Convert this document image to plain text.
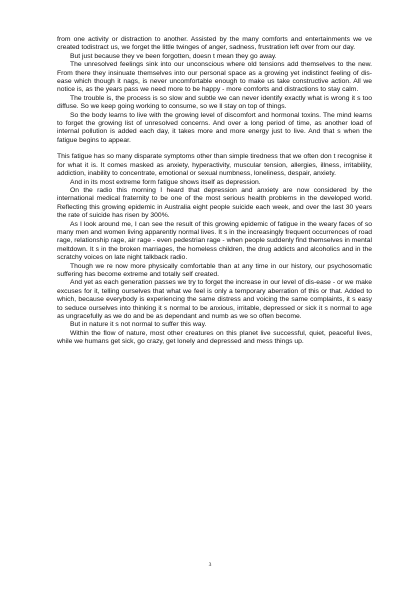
from one activity or distraction to another. Assisted by the many comforts and entertainments we ve created todistract us, we forget the little twinges of anger, sadness, frustration left over from our day.

But just because they ve been forgotten, doesn t mean they go away.

The unresolved feelings sink into our unconscious where old tensions add themselves to the new. From there they insinuate themselves into our personal space as a growing yet indistinct feeling of dis-ease which though it nags, is never uncomfortable enough to make us take constructive action. All we notice is, as the years pass we need more to be happy - more comforts and distractions to stay calm.

The trouble is, the process is so slow and subtle we can never identify exactly what is wrong it s too diffuse. So we keep going working to consume, so we ll stay on top of things.

So the body learns to live with the growing level of discomfort and hormonal toxins. The mind learns to forget the growing list of unresolved concerns. And over a long period of time, as another load of internal pollution is added each day, it takes more and more energy just to live. And that s when the fatigue begins to appear.

This fatigue has so many disparate symptoms other than simple tiredness that we often don t recognise it for what it is. It comes masked as anxiety, hyperactivity, muscular tension, allergies, illness, irritability, addiction, inability to concentrate, emotional or sexual numbness, loneliness, despair, anxiety.

And in its most extreme form fatigue shows itself as depression.

On the radio this morning I heard that depression and anxiety are now considered by the international medical fraternity to be one of the most serious health problems in the developed world. Reflecting this growing epidemic in Australia eight people suicide each week, and over the last 30 years the rate of suicide has risen by 300%.

As I look around me, I can see the result of this growing epidemic of fatigue in the weary faces of so many men and women living apparently normal lives. It s in the increasingly frequent occurrences of road rage, relationship rage, air rage - even pedestrian rage - when people suddenly find themselves in mental meltdown. It s in the broken marriages, the homeless children, the drug addicts and alcoholics and in the scratchy voices on late night talkback radio.

Though we re now more physically comfortable than at any time in our history, our psychosomatic suffering has become extreme and totally self created.

And yet as each generation passes we try to forget the increase in our level of dis-ease - or we make excuses for it, telling ourselves that what we feel is only a temporary aberration of this or that. Added to which, because everybody is experiencing the same distress and voicing the same complaints, it s easy to seduce ourselves into thinking it s normal to be anxious, irritable, depressed or sick it s normal to age as ungracefully as we do and be as dependant and numb as we so often become.

But in nature it s not normal to suffer this way.

Within the flow of nature, most other creatures on this planet live successful, quiet, peaceful lives, while we humans get sick, go crazy, get lonely and depressed and mess things up.

3
